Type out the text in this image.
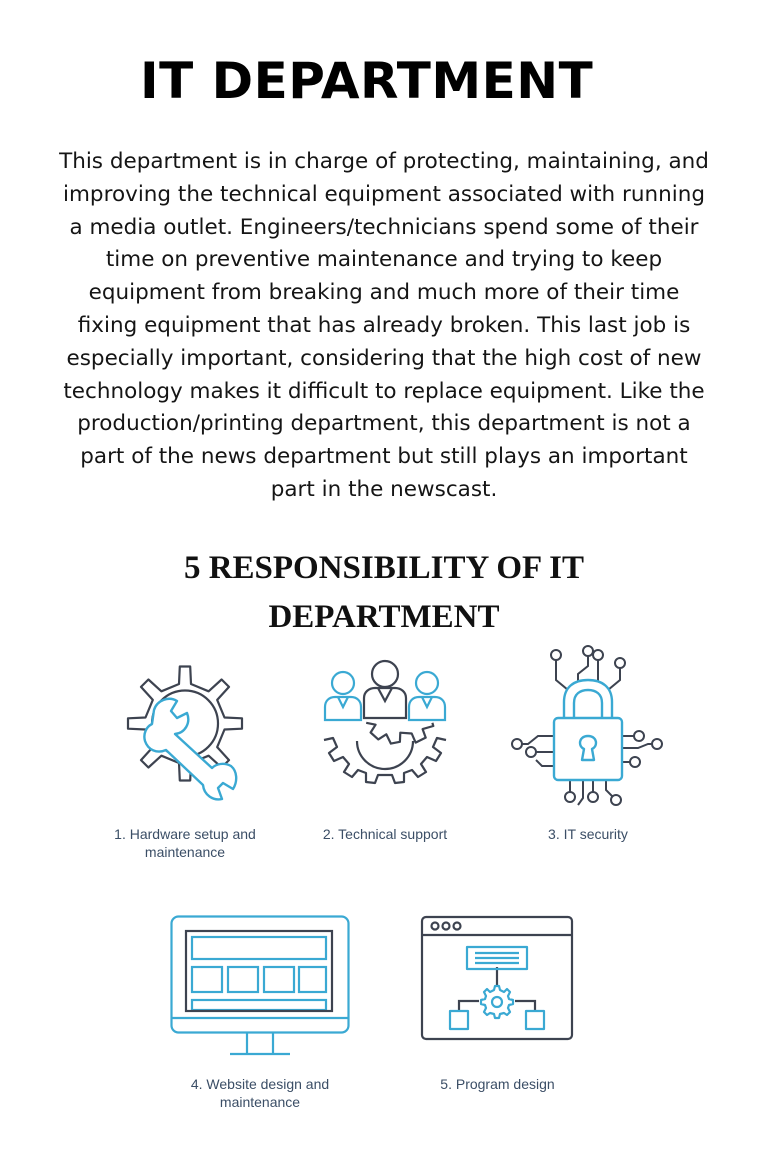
IT DEPARTMENT

This department is in charge of protecting, maintaining, and improving the technical equipment associated with running a media outlet. Engineers/technicians spend some of their time on preventive maintenance and trying to keep equipment from breaking and much more of their time fixing equipment that has already broken. This last job is especially important, considering that the high cost of new technology makes it difficult to replace equipment. Like the production/printing department, this department is not a part of the news department but still plays an important part in the newscast.

5 RESPONSIBILITY OF IT DEPARTMENT

1. Hardware setup and maintenance

2. Technical support	3. IT security

4. Website design and maintenance

5. Program design
